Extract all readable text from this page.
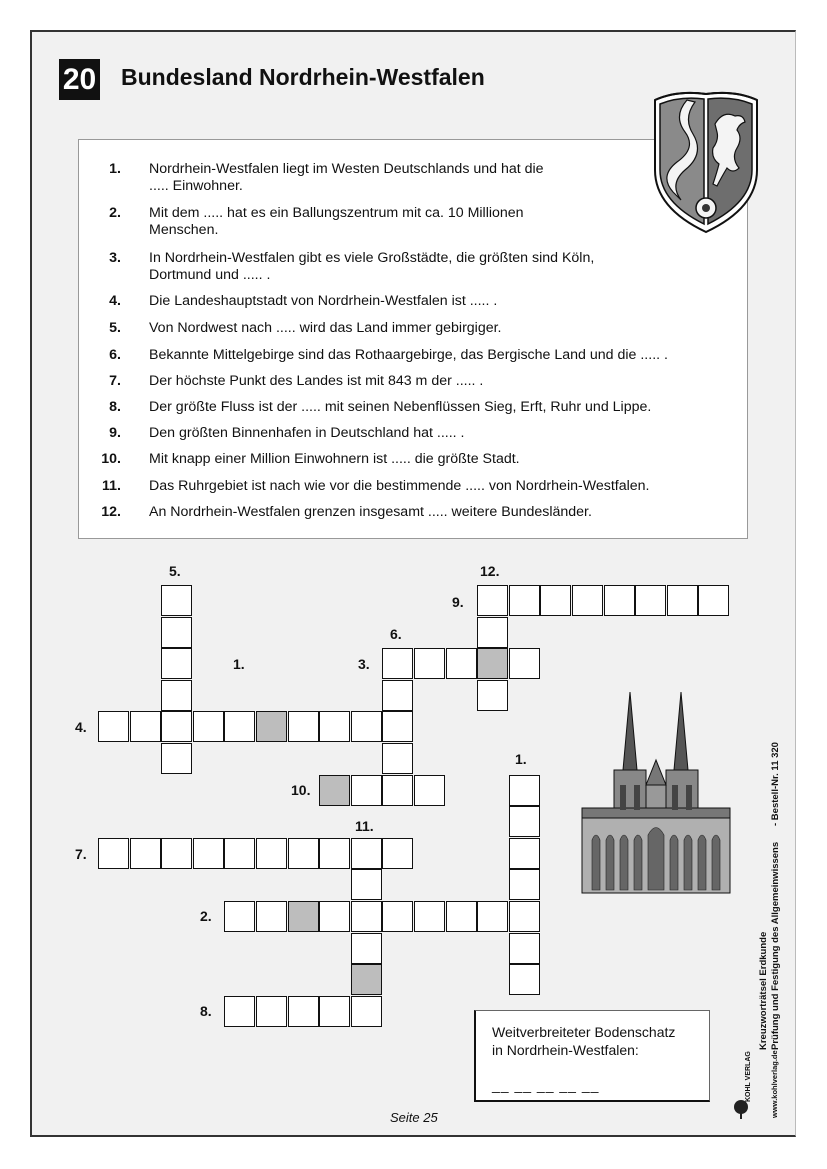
20 Bundesland Nordrhein-Westfalen
1. Nordrhein-Westfalen liegt im Westen Deutschlands und hat die
..... Einwohner.
2. Mit dem ..... hat es ein Ballungszentrum mit ca. 10 Millionen
Menschen.
3. In Nordrhein-Westfalen gibt es viele Großstädte, die größten sind Köln,
Dortmund und ..... .
4. Die Landeshauptstadt von Nordrhein-Westfalen ist ..... .
5. Von Nordwest nach ..... wird das Land immer gebirgiger.
6. Bekannte Mittelgebirge sind das Rothaargebirge, das Bergische Land und die ..... .
7. Der höchste Punkt des Landes ist mit 843 m der ..... .
8. Der größte Fluss ist der ..... mit seinen Nebenflüssen Sieg, Erft, Ruhr und Lippe.
9. Den größten Binnenhafen in Deutschland hat ..... .
10. Mit knapp einer Million Einwohnern ist ..... die größte Stadt.
11. Das Ruhrgebiet ist nach wie vor die bestimmende ..... von Nordrhein-Westfalen.
12. An Nordrhein-Westfalen grenzen insgesamt ..... weitere Bundesländer.
5.	12.
9.
6.
1.	3.
4.
1.
10.
11.
7.
2.
8.	Kreuzworträtsel Erdkunde Prüfung und Festigung des Allgemeinwissens
- Bestell-Nr. 11 320
KOHL VERLAG www.kohlverlag.de
Weitverbreiteter Bodenschatz
in Nordrhein-Westfalen:
__ __ __ __ __
Seite 25
